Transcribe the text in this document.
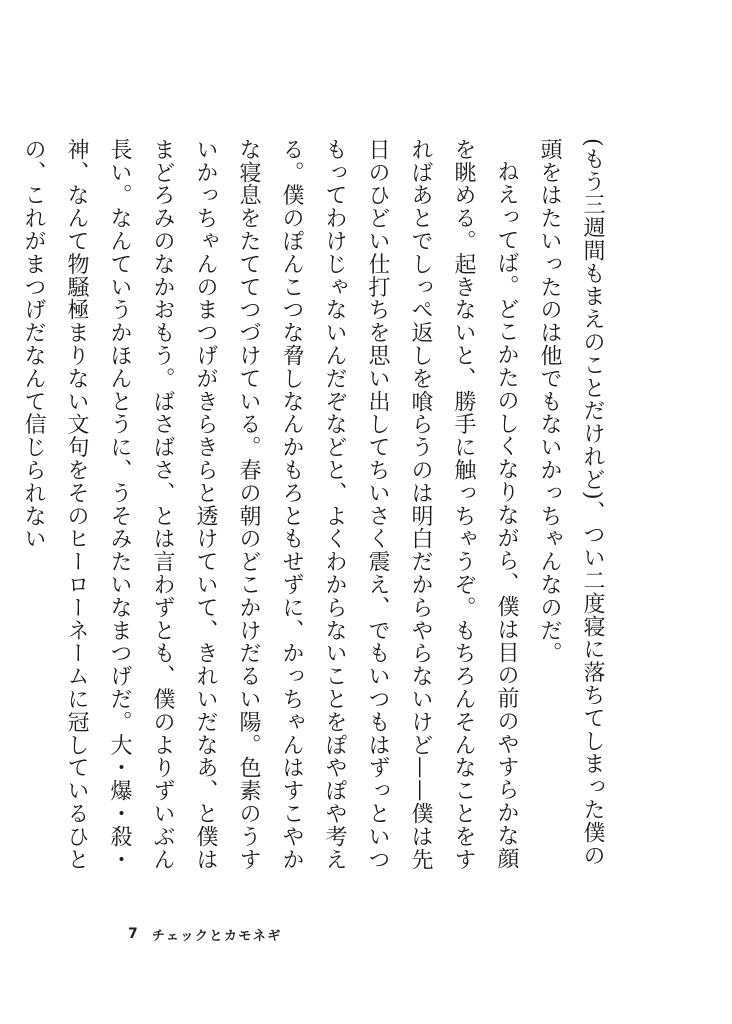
(もう三週間もまえのことだけれど)、つい二度寝に落ちてしまった僕の頭をはたいったのは他でもないかっちゃんなのだ。

ねえってば。どこかたのしくなりながら、僕は目の前のやすらかな顔を眺める。起きないと、勝手に触っちゃうぞ。もちろんそんなことをすればあとでしっぺ返しを喰らうのは明白だからやらないけど——僕は先日のひどい仕打ちを思い出してちいさく震え、でもいつもはずっといつもってわけじゃないんだぞなどと、よくわからないことをぽやぽや考える。僕のぽんこつな脅しなんかもろともせずに、かっちゃんはすこやかな寝息をたててつづけている。春の朝のどこかけだるい陽。色素のうすいかっちゃんのまつげがきらきらと透けていて、きれいだなあ、と僕はまどろみのなかおもう。ばさばさ、とは言わずとも、僕のよりずいぶん長い。なんていうかほんとうに、うそみたいなまつげだ。大・爆・殺・神、なんて物騒極まりない文句をそのヒーローネームに冠しているひとの、これがまつげだなんて信じられない

7 チェックとカモネギ
